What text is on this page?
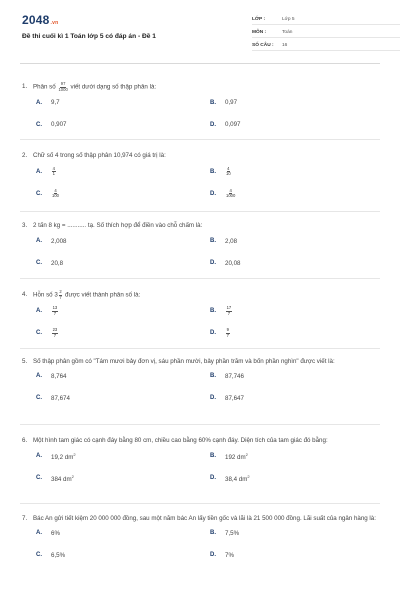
2048.vn
Đề thi cuối kì 1 Toán lớp 5 có đáp án - Đề 1
LỚP :	Lớp 5
MÔN :	Toán
SỐ CÂU :	16
1. Phân số $\frac{97}{1000}$ viết dưới dạng số thập phân là:
A.	9,7	B.	0,97
C.	0,907	D.	0,097
2. Chữ số 4 trong số thập phân 10,974 có giá trị là:
A.	$\frac{4}{1}$	B.	$\frac{4}{10}$
C.	$\frac{4}{100}$	D.	$\frac{4}{1000}$
3. 2 tấn 8 kg = ........... tạ. Số thích hợp để điền vào chỗ chấm là:
A.	2,008	B.	2,08
C.	20,8	D.	20,08
4. Hỗn số $3 \frac{2}{7}$ được viết thành phân số là:
A.	$\frac{13}{7}$	B.	$\frac{17}{7}$
C.	$\frac{23}{7}$	D.	$\frac{9}{7}$
5. Số thập phân gồm có "Tám mươi bảy đơn vị, sáu phần mười, bảy phần trăm và bốn phần nghìn" được viết là:
A.	8,764	B.	87,746
C.	87,674	D.	87,647
6. Một hình tam giác có cạnh đáy bằng 80 cm, chiều cao bằng 60% cạnh đáy. Diện tích của tam giác đó bằng:
A.	19,2 $dm^2$	B.	192 $dm^2$
C.	384 $dm^2$	D.	38,4 $dm^2$
7. Bác An gửi tiết kiệm 20 000 000 đồng, sau một năm bác An lấy tiền gốc và lãi là 21 500 000 đồng. Lãi suất của ngân hàng là:
A.	6%	B.	7,5%
C.	6,5%	D.	7%
